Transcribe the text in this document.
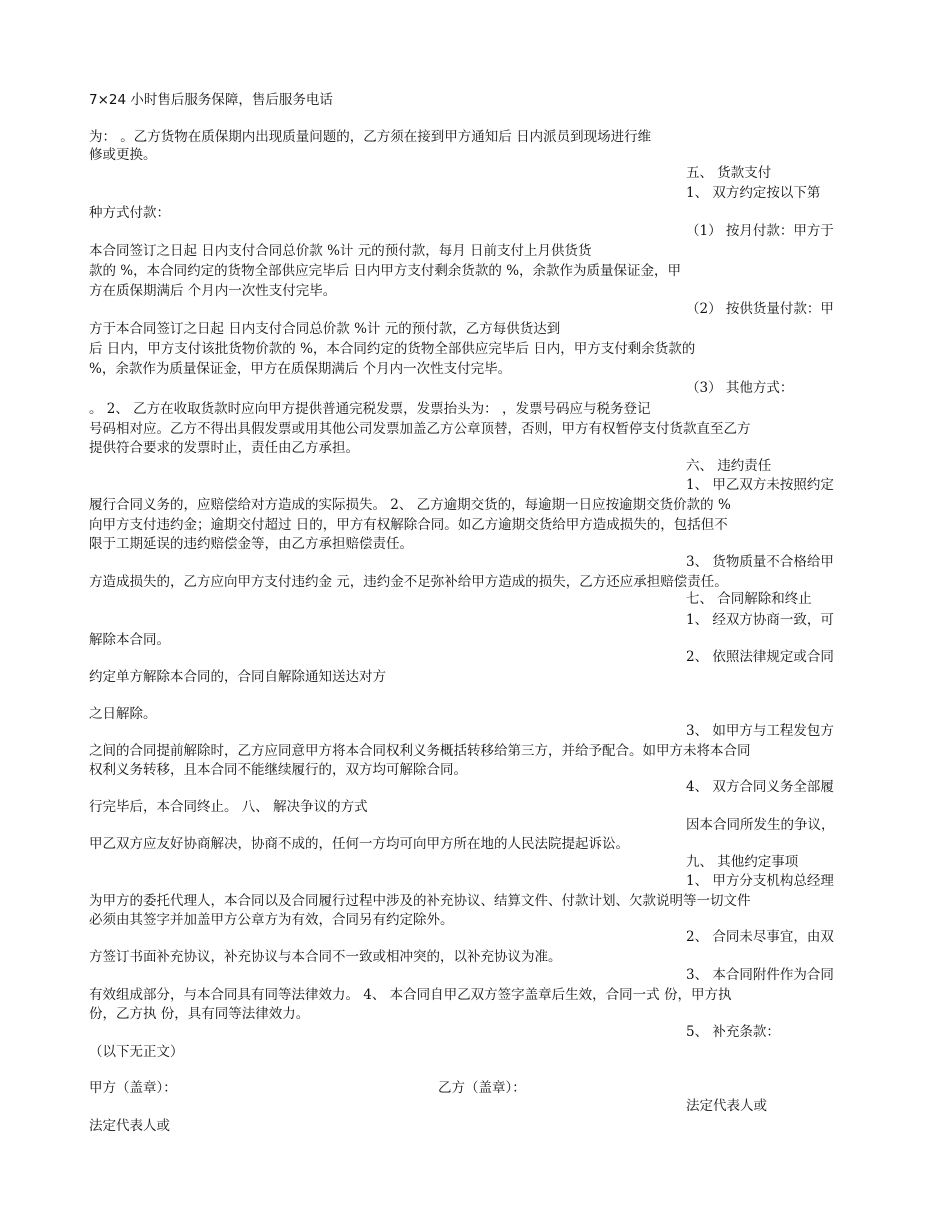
7×24 小时售后服务保障，售后服务电话
为： 。乙方货物在质保期内出现质量问题的，乙方须在接到甲方通知后 日内派员到现场进行维
修或更换。
五、 货款支付
1、 双方约定按以下第
种方式付款：
（1） 按月付款：甲方于
本合同签订之日起 日内支付合同总价款 %计 元的预付款，每月 日前支付上月供货货
款的 %，本合同约定的货物全部供应完毕后 日内甲方支付剩余货款的 %，余款作为质量保证金，甲
方在质保期满后 个月内一次性支付完毕。
（2） 按供货量付款：甲
方于本合同签订之日起 日内支付合同总价款 %计 元的预付款，乙方每供货达到
后 日内，甲方支付该批货物价款的 %，本合同约定的货物全部供应完毕后 日内，甲方支付剩余货款的
%，余款作为质量保证金，甲方在质保期满后 个月内一次性支付完毕。
（3） 其他方式：
。 2、 乙方在收取货款时应向甲方提供普通完税发票，发票抬头为： ，发票号码应与税务登记
号码相对应。乙方不得出具假发票或用其他公司发票加盖乙方公章顶替，否则，甲方有权暂停支付货款直至乙方
提供符合要求的发票时止，责任由乙方承担。
六、 违约责任
1、 甲乙双方未按照约定
履行合同义务的，应赔偿给对方造成的实际损失。 2、 乙方逾期交货的，每逾期一日应按逾期交货价款的 %
向甲方支付违约金；逾期交付超过 日的，甲方有权解除合同。如乙方逾期交货给甲方造成损失的，包括但不
限于工期延误的违约赔偿金等，由乙方承担赔偿责任。
3、 货物质量不合格给甲
方造成损失的，乙方应向甲方支付违约金 元，违约金不足弥补给甲方造成的损失，乙方还应承担赔偿责任。
七、 合同解除和终止
1、 经双方协商一致，可
解除本合同。
2、 依照法律规定或合同
约定单方解除本合同的，合同自解除通知送达对方
之日解除。
3、 如甲方与工程发包方
之间的合同提前解除时，乙方应同意甲方将本合同权利义务概括转移给第三方，并给予配合。如甲方未将本合同
权利义务转移，且本合同不能继续履行的，双方均可解除合同。
4、 双方合同义务全部履
行完毕后，本合同终止。 八、 解决争议的方式
因本合同所发生的争议，
甲乙双方应友好协商解决，协商不成的，任何一方均可向甲方所在地的人民法院提起诉讼。
九、 其他约定事项
1、 甲方分支机构总经理
为甲方的委托代理人，本合同以及合同履行过程中涉及的补充协议、结算文件、付款计划、欠款说明等一切文件
必须由其签字并加盖甲方公章方为有效，合同另有约定除外。
2、 合同未尽事宜，由双
方签订书面补充协议，补充协议与本合同不一致或相冲突的，以补充协议为准。
3、 本合同附件作为合同
有效组成部分，与本合同具有同等法律效力。 4、 本合同自甲乙双方签字盖章后生效，合同一式 份，甲方执
份，乙方执 份，具有同等法律效力。
5、 补充条款：
（以下无正文）
甲方（盖章）：	乙方（盖章）：
法定代表人或
法定代表人或
